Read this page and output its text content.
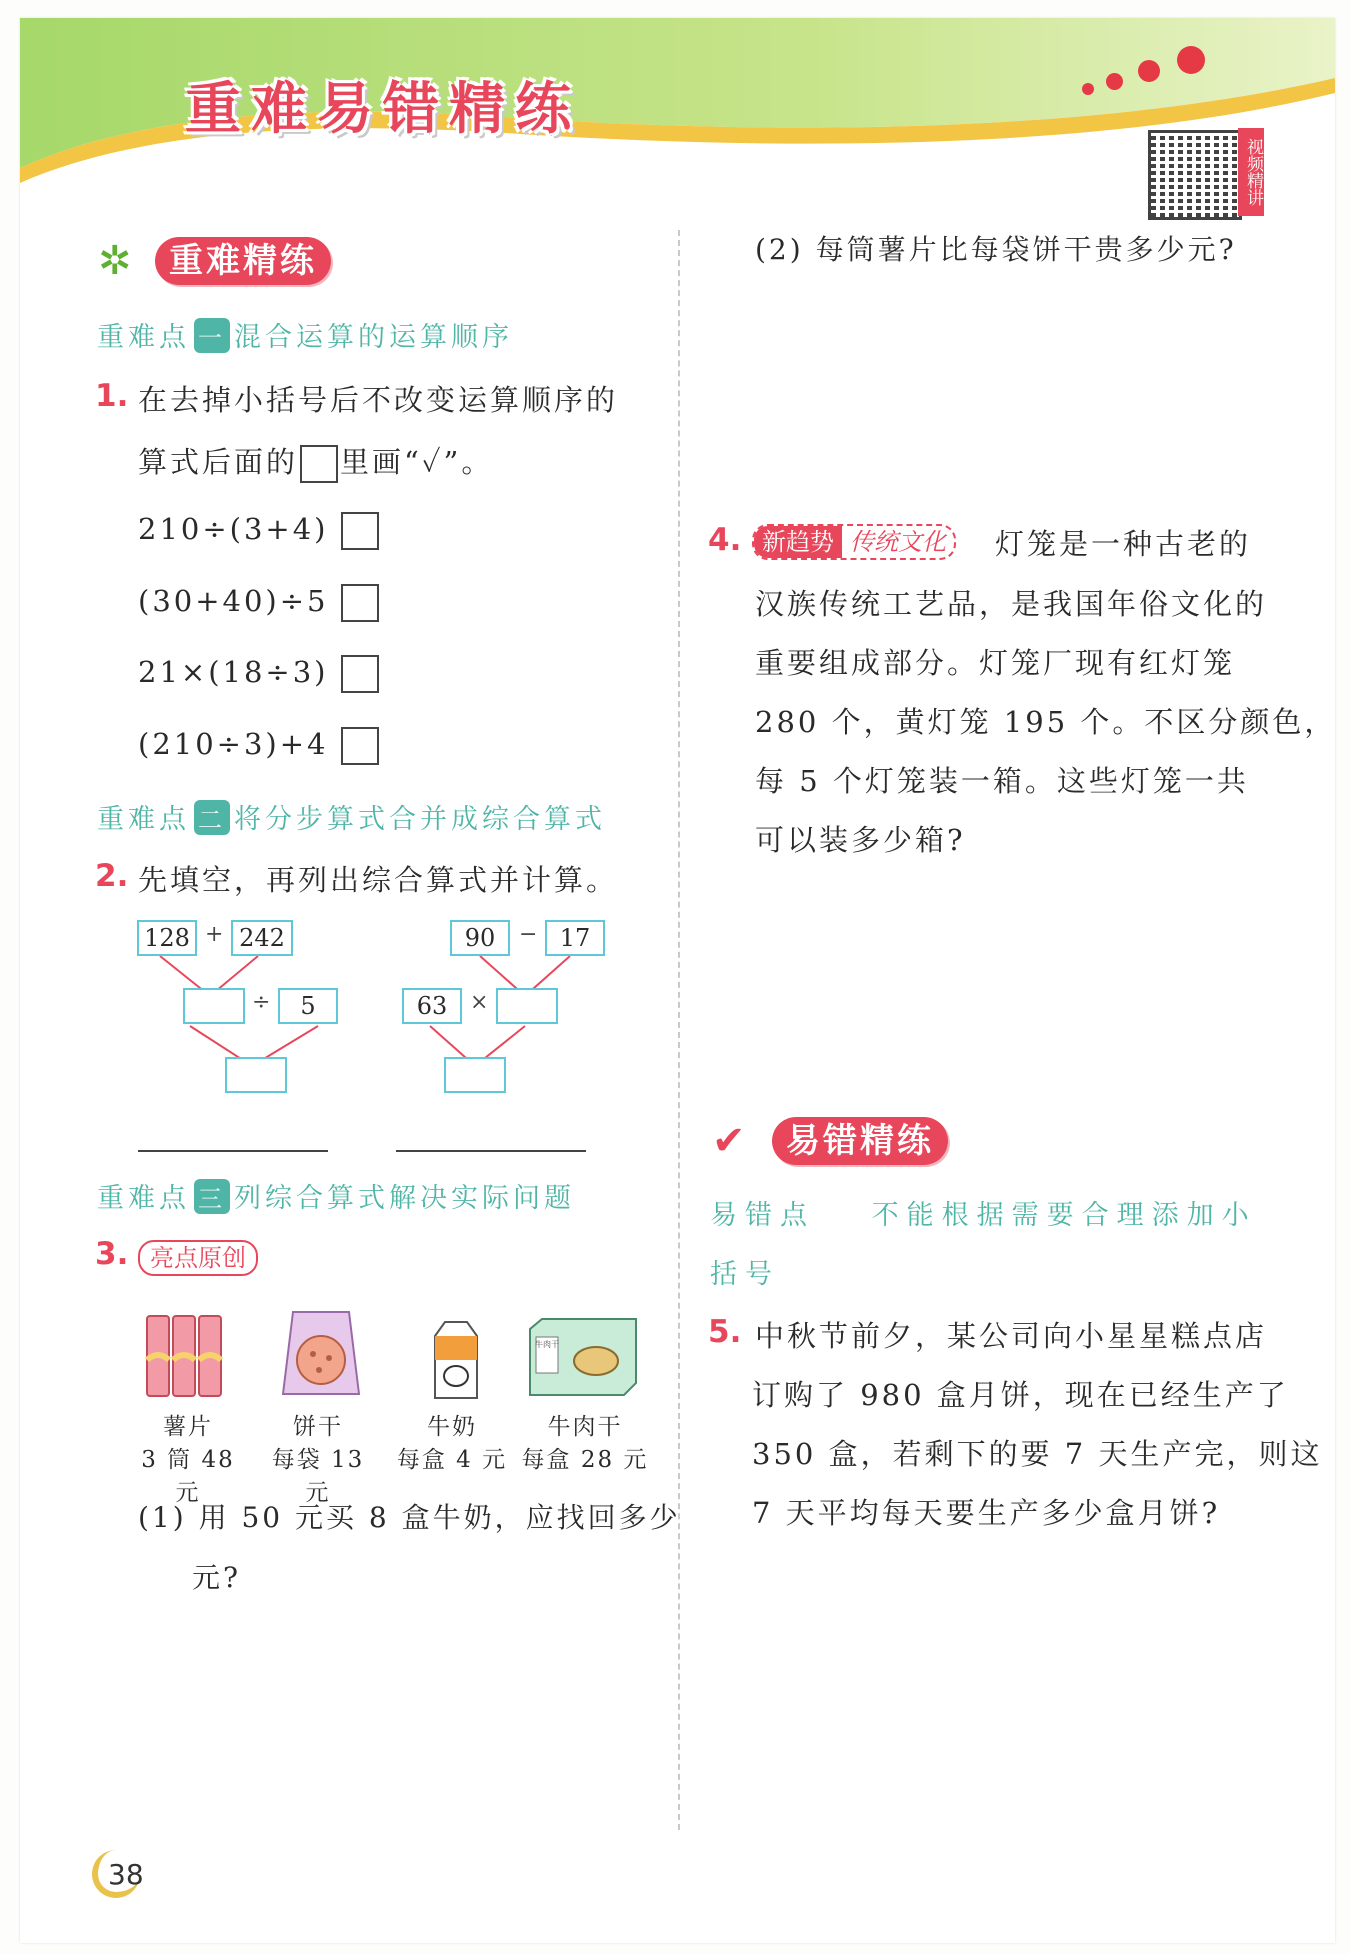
重难易错精练
视频精讲
✲	重难精练
重难点 一 混合运算的运算顺序
1. 在去掉小括号后不改变运算顺序的
算式后面的 里画“✓”。
210÷(3+4)
(30+40)÷5
21×(18÷3)
(210÷3)+4
重难点 二 将分步算式合并成综合算式
2. 先填空，再列出综合算式并计算。
128 + 242
÷	5
90	− 17
63	×
重难点 三 列综合算式解决实际问题
3. 亮点原创
牛肉干
薯片
3 筒 48 元
饼干
每袋 13 元
牛奶
每盒 4 元
牛肉干
每盒 28 元
(1) 用 50 元买 8 盒牛奶，应找回多少
元?
38
(2) 每筒薯片比每袋饼干贵多少元?
4. 新趋势 传统文化	灯笼是一种古老的
汉族传统工艺品，是我国年俗文化的
重要组成部分。灯笼厂现有红灯笼
280 个，黄灯笼 195 个。不区分颜色，
每 5 个灯笼装一箱。这些灯笼一共
可以装多少箱?
✔	易错精练
易错点 不能根据需要合理添加小
括号
5. 中秋节前夕，某公司向小星星糕点店
订购了 980 盒月饼，现在已经生产了
350 盒，若剩下的要 7 天生产完，则这
7 天平均每天要生产多少盒月饼?
